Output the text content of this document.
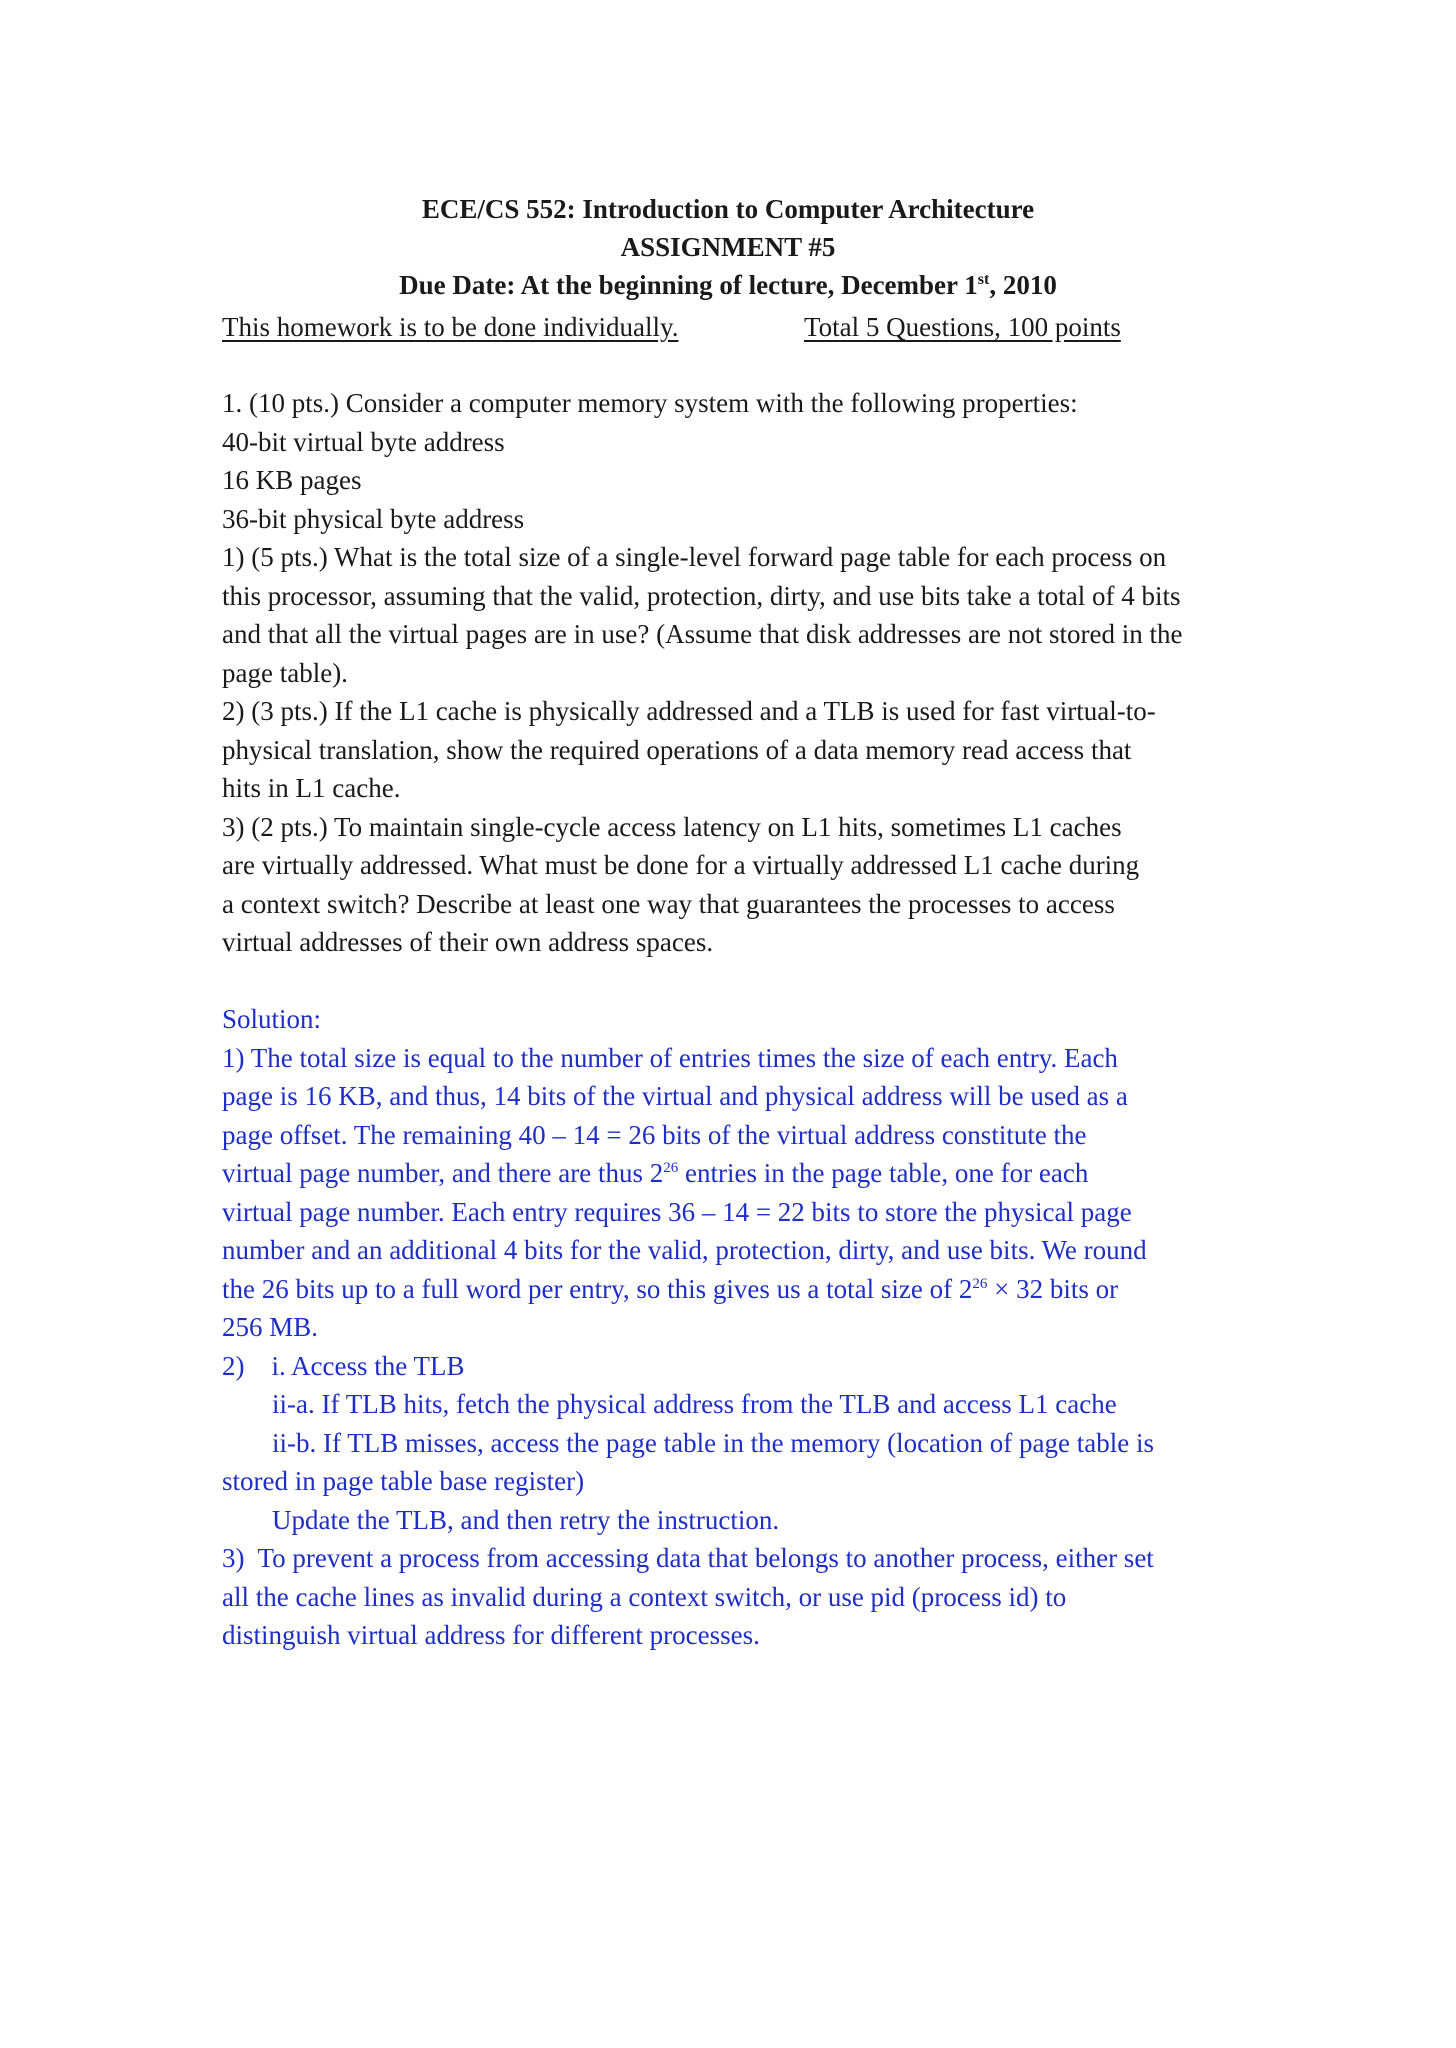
ECE/CS 552: Introduction to Computer Architecture
ASSIGNMENT #5
Due Date: At the beginning of lecture, December 1st, 2010
This homework is to be done individually.	Total 5 Questions, 100 points

1. (10 pts.) Consider a computer memory system with the following properties:

40-bit virtual byte address

16 KB pages

36-bit physical byte address

1) (5 pts.) What is the total size of a single-level forward page table for each process on

this processor, assuming that the valid, protection, dirty, and use bits take a total of 4 bits

and that all the virtual pages are in use? (Assume that disk addresses are not stored in the

page table).

2) (3 pts.) If the L1 cache is physically addressed and a TLB is used for fast virtual-to-

physical translation, show the required operations of a data memory read access that

hits in L1 cache.

3) (2 pts.) To maintain single-cycle access latency on L1 hits, sometimes L1 caches

are virtually addressed. What must be done for a virtually addressed L1 cache during

a context switch? Describe at least one way that guarantees the processes to access

virtual addresses of their own address spaces.

Solution:

1) The total size is equal to the number of entries times the size of each entry. Each

page is 16 KB, and thus, 14 bits of the virtual and physical address will be used as a

page offset. The remaining 40 – 14 = 26 bits of the virtual address constitute the

virtual page number, and there are thus $2^{26}$ entries in the page table, one for each

virtual page number. Each entry requires 36 – 14 = 22 bits to store the physical page

number and an additional 4 bits for the valid, protection, dirty, and use bits. We round

the 26 bits up to a full word per entry, so this gives us a total size of $2^{26} \times 32$ bits or

256 MB.

2)    i. Access the TLB

ii-a. If TLB hits, fetch the physical address from the TLB and access L1 cache

ii-b. If TLB misses, access the page table in the memory (location of page table is

stored in page table base register)

Update the TLB, and then retry the instruction.

3)  To prevent a process from accessing data that belongs to another process, either set

all the cache lines as invalid during a context switch, or use pid (process id) to

distinguish virtual address for different processes.
